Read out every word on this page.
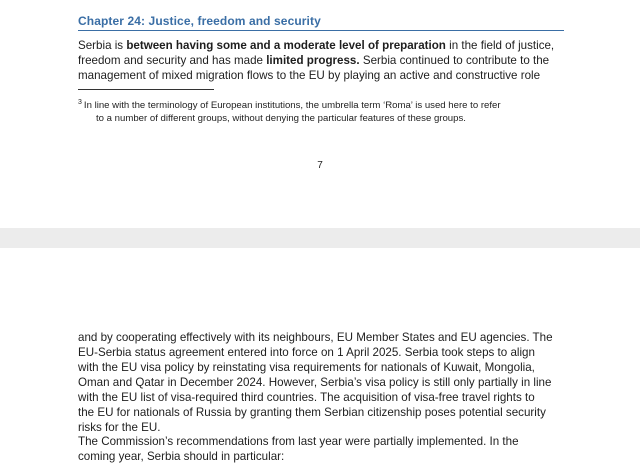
Chapter 24: Justice, freedom and security

Serbia is between having some and a moderate level of preparation in the field of justice,
freedom and security and has made limited progress. Serbia continued to contribute to the
management of mixed migration flows to the EU by playing an active and constructive role

$^3$ In line with the terminology of European institutions, the umbrella term ‘Roma’ is used here to refer
to a number of different groups, without denying the particular features of these groups.

7

and by cooperating effectively with its neighbours, EU Member States and EU agencies. The
EU-Serbia status agreement entered into force on 1 April 2025. Serbia took steps to align
with the EU visa policy by reinstating visa requirements for nationals of Kuwait, Mongolia,
Oman and Qatar in December 2024. However, Serbia’s visa policy is still only partially in line
with the EU list of visa-required third countries. The acquisition of visa-free travel rights to
the EU for nationals of Russia by granting them Serbian citizenship poses potential security
risks for the EU.

The Commission’s recommendations from last year were partially implemented. In the
coming year, Serbia should in particular:
